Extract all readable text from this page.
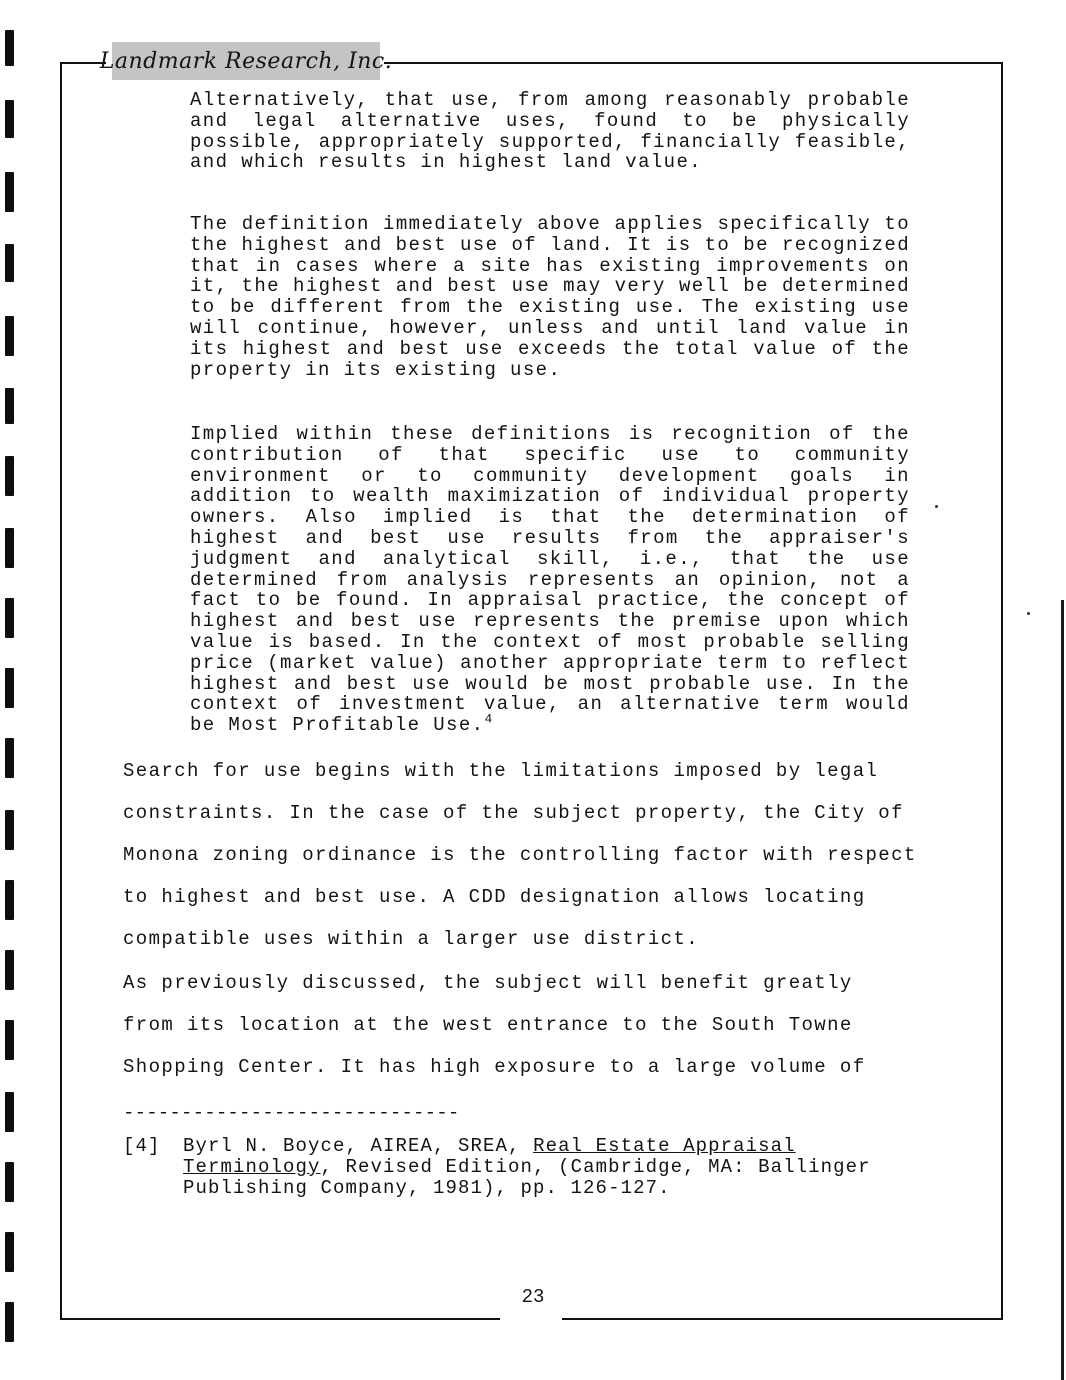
Landmark Research, Inc.

Alternatively, that use, from among reasonably probable and legal alternative uses, found to be physically possible, appropriately supported, financially feasible, and which results in highest land value.

The definition immediately above applies specifically to the highest and best use of land. It is to be recognized that in cases where a site has existing improvements on it, the highest and best use may very well be determined to be different from the existing use. The existing use will continue, however, unless and until land value in its highest and best use exceeds the total value of the property in its existing use.

Implied within these definitions is recognition of the contribution of that specific use to community environment or to community development goals in addition to wealth maximization of individual property owners. Also implied is that the determination of highest and best use results from the appraiser's judgment and analytical skill, i.e., that the use determined from analysis represents an opinion, not a fact to be found. In appraisal practice, the concept of highest and best use represents the premise upon which value is based. In the context of most probable selling price (market value) another appropriate term to reflect highest and best use would be most probable use. In the context of investment value, an alternative term would be Most Profitable Use.$^4$

Search for use begins with the limitations imposed by legal

constraints. In the case of the subject property, the City of

Monona zoning ordinance is the controlling factor with respect

to highest and best use. A CDD designation allows locating

compatible uses within a larger use district.

As previously discussed, the subject will benefit greatly

from its location at the west entrance to the South Towne

Shopping Center. It has high exposure to a large volume of

-----------------------------
[4] Byrl N. Boyce, AIREA, SREA, Real Estate Appraisal Terminology, Revised Edition, (Cambridge, MA: Ballinger Publishing Company, 1981), pp. 126-127.
23
